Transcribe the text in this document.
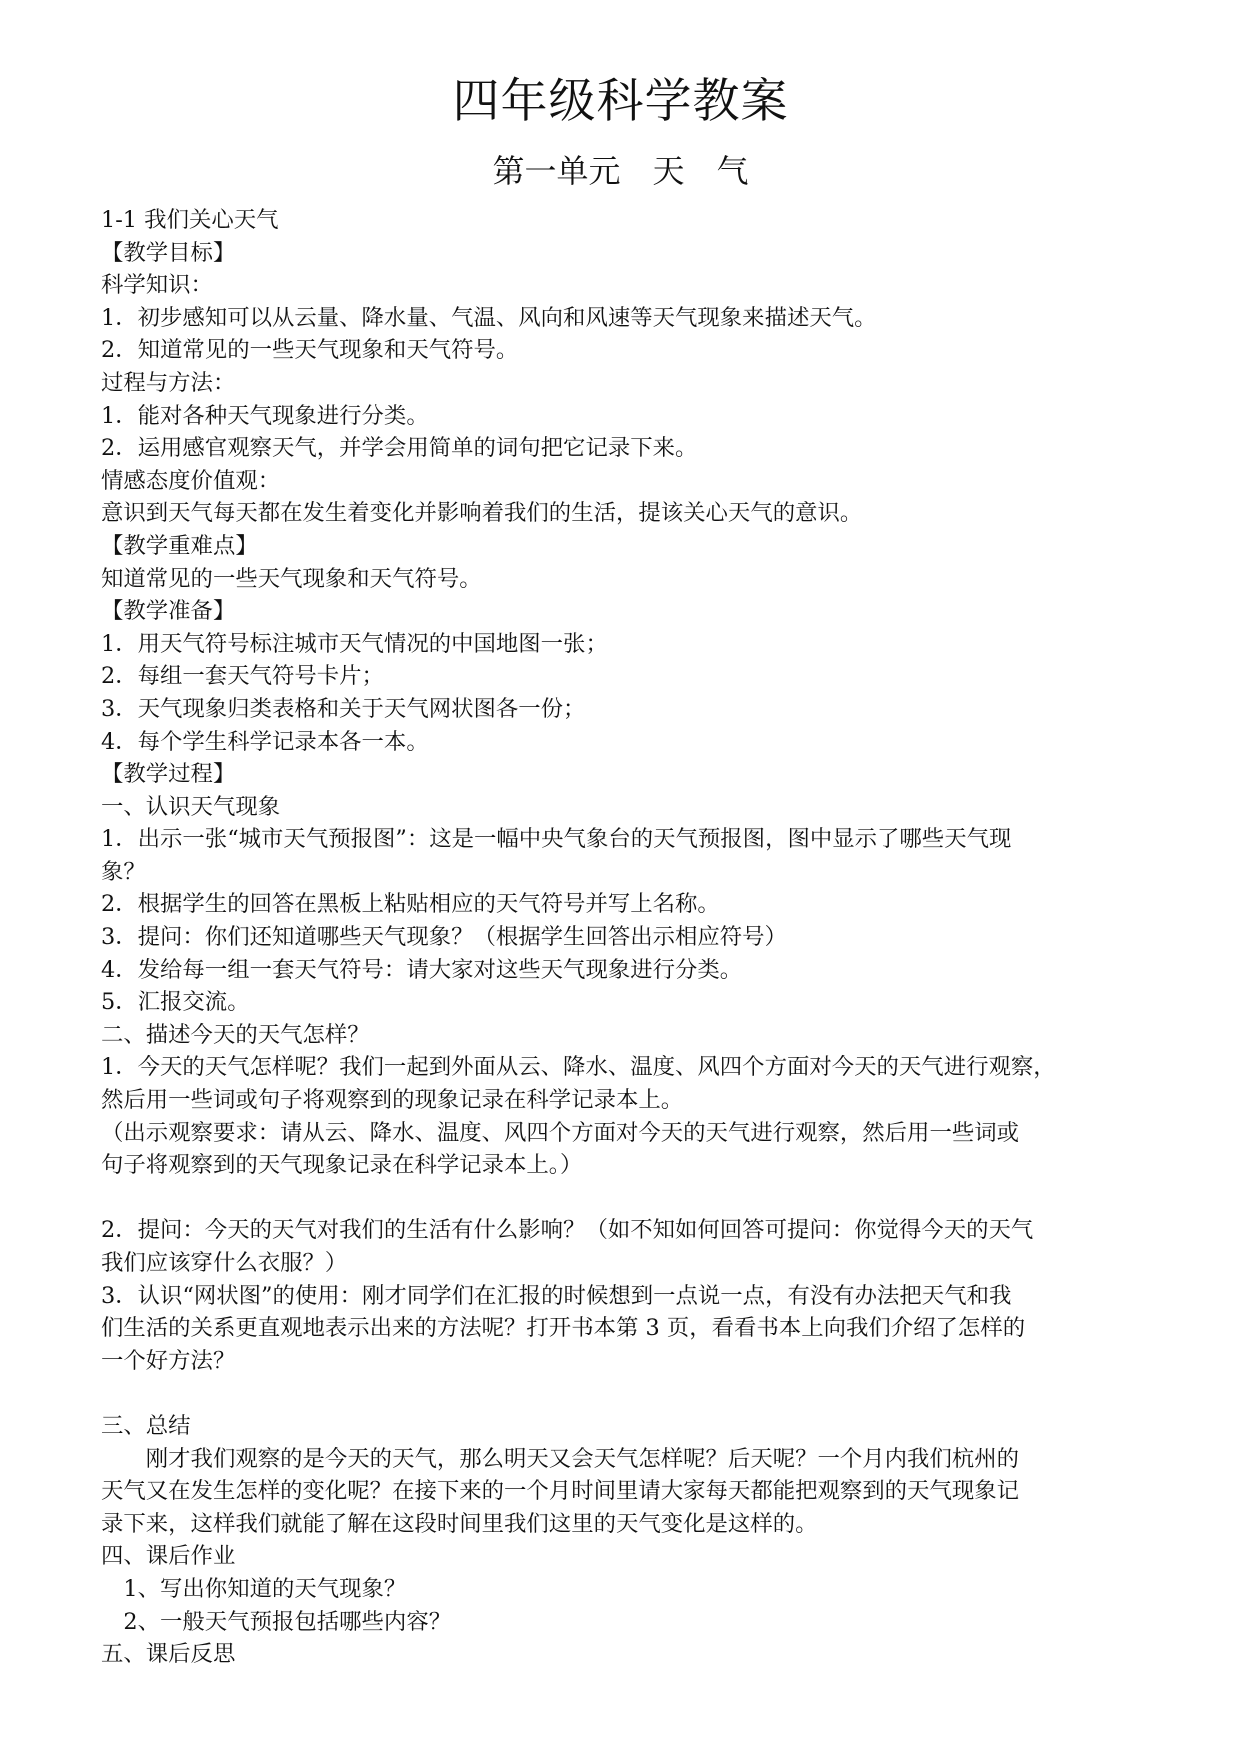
四年级科学教案
第一单元　天　气
1-1 我们关心天气
【教学目标】
科学知识：
1．初步感知可以从云量、降水量、气温、风向和风速等天气现象来描述天气。
2．知道常见的一些天气现象和天气符号。
过程与方法：
1．能对各种天气现象进行分类。
2．运用感官观察天气，并学会用简单的词句把它记录下来。
情感态度价值观：
意识到天气每天都在发生着变化并影响着我们的生活，提该关心天气的意识。
【教学重难点】
知道常见的一些天气现象和天气符号。
【教学准备】
1．用天气符号标注城市天气情况的中国地图一张；
2．每组一套天气符号卡片；
3．天气现象归类表格和关于天气网状图各一份；
4．每个学生科学记录本各一本。
【教学过程】
一、认识天气现象
1．出示一张“城市天气预报图”：这是一幅中央气象台的天气预报图，图中显示了哪些天气现
象？
2．根据学生的回答在黑板上粘贴相应的天气符号并写上名称。
3．提问：你们还知道哪些天气现象？（根据学生回答出示相应符号）
4．发给每一组一套天气符号：请大家对这些天气现象进行分类。
5．汇报交流。
二、描述今天的天气怎样？
1．今天的天气怎样呢？我们一起到外面从云、降水、温度、风四个方面对今天的天气进行观察，
然后用一些词或句子将观察到的现象记录在科学记录本上。
（出示观察要求：请从云、降水、温度、风四个方面对今天的天气进行观察，然后用一些词或
句子将观察到的天气现象记录在科学记录本上。）
2．提问：今天的天气对我们的生活有什么影响？（如不知如何回答可提问：你觉得今天的天气
我们应该穿什么衣服？）
3．认识“网状图”的使用：刚才同学们在汇报的时候想到一点说一点，有没有办法把天气和我
们生活的关系更直观地表示出来的方法呢？打开书本第 3 页，看看书本上向我们介绍了怎样的
一个好方法？
三、总结
　　刚才我们观察的是今天的天气，那么明天又会天气怎样呢？后天呢？一个月内我们杭州的
天气又在发生怎样的变化呢？在接下来的一个月时间里请大家每天都能把观察到的天气现象记
录下来，这样我们就能了解在这段时间里我们这里的天气变化是这样的。
四、课后作业
　1、写出你知道的天气现象？
　2、一般天气预报包括哪些内容？
五、课后反思
